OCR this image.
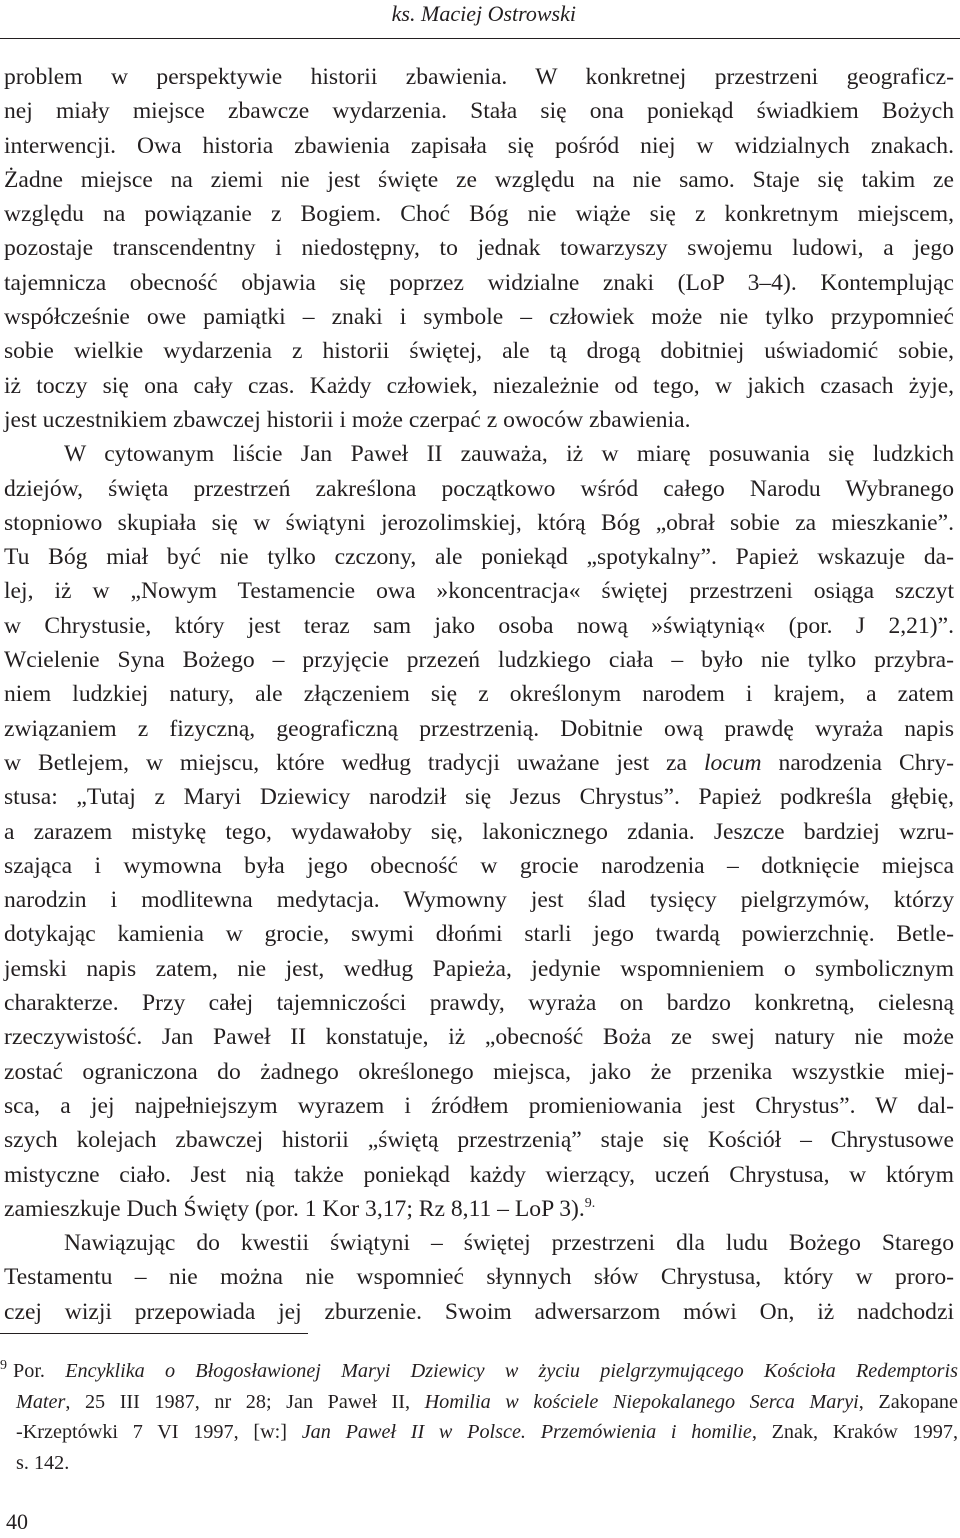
ks. Maciej Ostrowski
problem w perspektywie historii zbawienia. W konkretnej przestrzeni geograficz-
nej miały miejsce zbawcze wydarzenia. Stała się ona poniekąd świadkiem Bożych
interwencji. Owa historia zbawienia zapisała się pośród niej w widzialnych znakach.
Żadne miejsce na ziemi nie jest święte ze względu na nie samo. Staje się takim ze
względu na powiązanie z Bogiem. Choć Bóg nie wiąże się z konkretnym miejscem,
pozostaje transcendentny i niedostępny, to jednak towarzyszy swojemu ludowi, a jego
tajemnicza obecność objawia się poprzez widzialne znaki (LoP 3–4). Kontemplując
współcześnie owe pamiątki – znaki i symbole – człowiek może nie tylko przypomnieć
sobie wielkie wydarzenia z historii świętej, ale tą drogą dobitniej uświadomić sobie,
iż toczy się ona cały czas. Każdy człowiek, niezależnie od tego, w jakich czasach żyje,
jest uczestnikiem zbawczej historii i może czerpać z owoców zbawienia.
W cytowanym liście Jan Paweł II zauważa, iż w miarę posuwania się ludzkich
dziejów, święta przestrzeń zakreślona początkowo wśród całego Narodu Wybranego
stopniowo skupiała się w świątyni jerozolimskiej, którą Bóg „obrał sobie za mieszkanie”.
Tu Bóg miał być nie tylko czczony, ale poniekąd „spotykalny”. Papież wskazuje da-
lej, iż w „Nowym Testamencie owa »koncentracja« świętej przestrzeni osiąga szczyt
w Chrystusie, który jest teraz sam jako osoba nową »świątynią« (por. J 2,21)”.
Wcielenie Syna Bożego – przyjęcie przezeń ludzkiego ciała – było nie tylko przybra-
niem ludzkiej natury, ale złączeniem się z określonym narodem i krajem, a zatem
związaniem z fizyczną, geograficzną przestrzenią. Dobitnie ową prawdę wyraża napis
w Betlejem, w miejscu, które według tradycji uważane jest za locum narodzenia Chry-
stusa: „Tutaj z Maryi Dziewicy narodził się Jezus Chrystus”. Papież podkreśla głębię,
a zarazem mistykę tego, wydawałoby się, lakonicznego zdania. Jeszcze bardziej wzru-
szająca i wymowna była jego obecność w grocie narodzenia – dotknięcie miejsca
narodzin i modlitewna medytacja. Wymowny jest ślad tysięcy pielgrzymów, którzy
dotykając kamienia w grocie, swymi dłońmi starli jego twardą powierzchnię. Betle-
jemski napis zatem, nie jest, według Papieża, jedynie wspomnieniem o symbolicznym
charakterze. Przy całej tajemniczości prawdy, wyraża on bardzo konkretną, cielesną
rzeczywistość. Jan Paweł II konstatuje, iż „obecność Boża ze swej natury nie może
zostać ograniczona do żadnego określonego miejsca, jako że przenika wszystkie miej-
sca, a jej najpełniejszym wyrazem i źródłem promieniowania jest Chrystus”. W dal-
szych kolejach zbawczej historii „świętą przestrzenią” staje się Kościół – Chrystusowe
mistyczne ciało. Jest nią także poniekąd każdy wierzący, uczeń Chrystusa, w którym
zamieszkuje Duch Święty (por. 1 Kor 3,17; Rz 8,11 – LoP 3).$^{9.}$
Nawiązując do kwestii świątyni – świętej przestrzeni dla ludu Bożego Starego
Testamentu – nie można nie wspomnieć słynnych słów Chrystusa, który w proro-
czej wizji przepowiada jej zburzenie. Swoim adwersarzom mówi On, iż nadchodzi
$^9$ Por. Encyklika o Błogosławionej Maryi Dziewicy w życiu pielgrzymującego Kościoła Redemptoris
Mater, 25 III 1987, nr 28; Jan Paweł II, Homilia w kościele Niepokalanego Serca Maryi, Zakopane
-Krzeptówki 7 VI 1997, [w:] Jan Paweł II w Polsce. Przemówienia i homilie, Znak, Kraków 1997,
s. 142.
40
